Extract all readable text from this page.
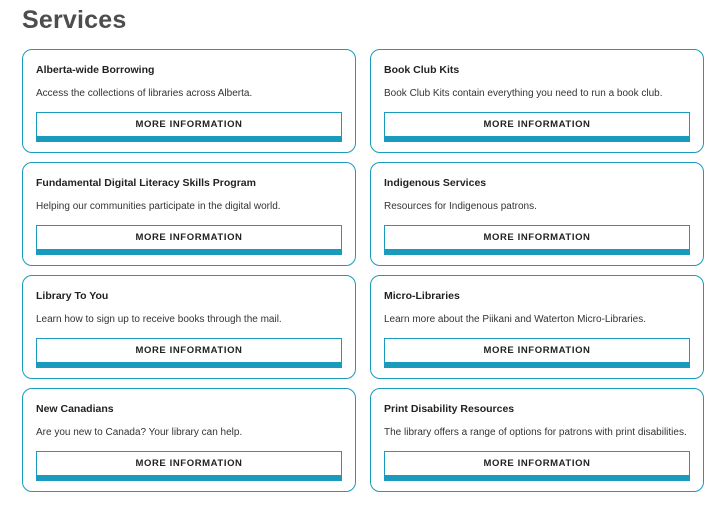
Services
Alberta-wide Borrowing
Access the collections of libraries across Alberta.
MORE INFORMATION
Book Club Kits
Book Club Kits contain everything you need to run a book club.
MORE INFORMATION
Fundamental Digital Literacy Skills Program
Helping our communities participate in the digital world.
MORE INFORMATION
Indigenous Services
Resources for Indigenous patrons.
MORE INFORMATION
Library To You
Learn how to sign up to receive books through the mail.
MORE INFORMATION
Micro-Libraries
Learn more about the Piikani and Waterton Micro-Libraries.
MORE INFORMATION
New Canadians
Are you new to Canada? Your library can help.
MORE INFORMATION
Print Disability Resources
The library offers a range of options for patrons with print disabilities.
MORE INFORMATION
